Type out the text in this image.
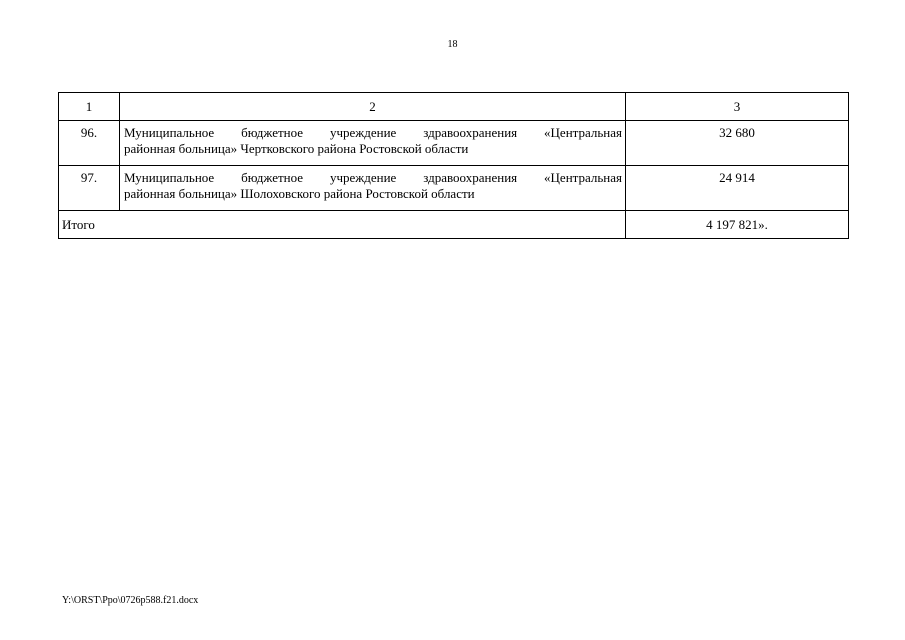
18
1	2	3
96.	Муниципальное бюджетное учреждение здравоохранения «Центральная
районная больница» Чертковского района Ростовской области	32 680
97.	Муниципальное бюджетное учреждение здравоохранения «Центральная
районная больница» Шолоховского района Ростовской области	24 914
Итого		4 197 821».
Y:\ORST\Ppo\0726p588.f21.docx
